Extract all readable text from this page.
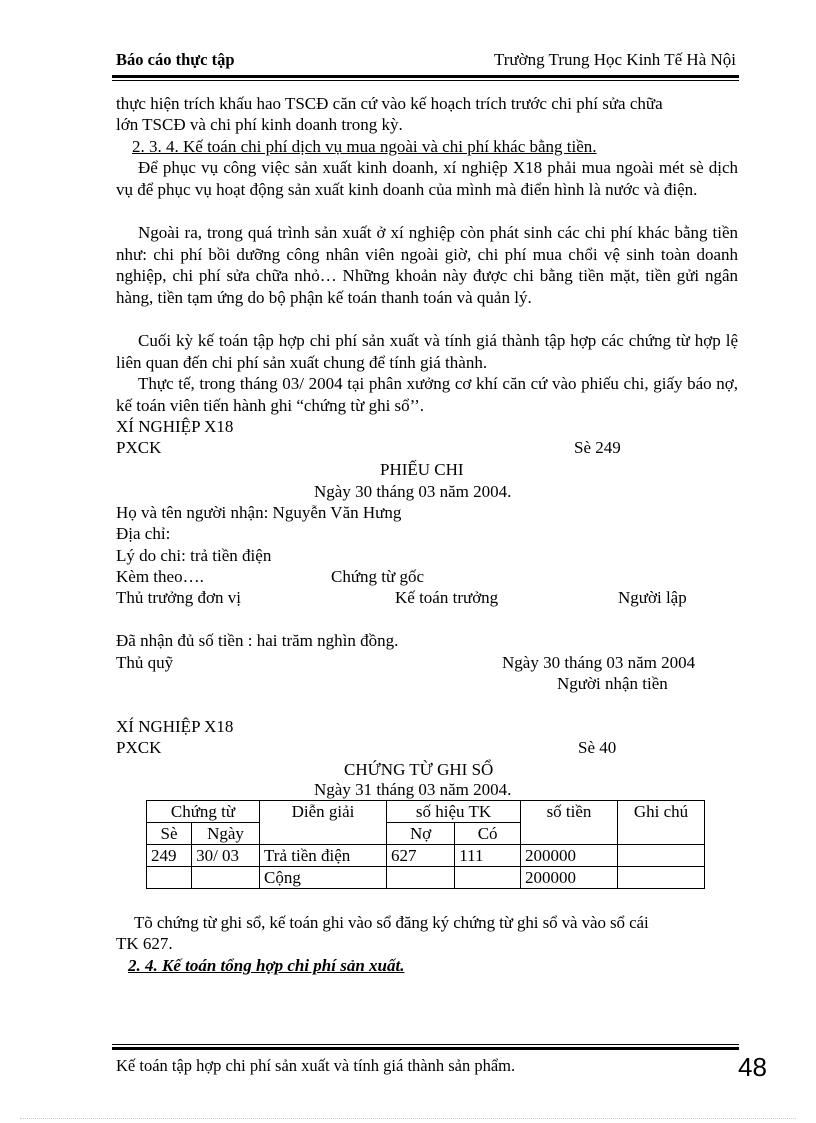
Báo cáo thực tập	Trường Trung Học Kinh Tế Hà Nội
thực hiện trích khấu hao TSCĐ căn cứ vào kế hoạch trích trước chi phí sửa chữa
lớn TSCĐ và chi phí kinh doanh trong kỳ.
2. 3. 4. Kế toán chi phí dịch vụ mua ngoài và chi phí khác bằng tiền.
Để phục vụ công việc sản xuất kinh doanh, xí nghiệp X18 phải mua ngoài mét sè dịch vụ để phục vụ hoạt động sản xuất kinh doanh của mình mà điển hình là nước và điện.
Ngoài ra, trong quá trình sản xuất ở xí nghiệp còn phát sinh các chi phí khác bằng tiền như: chi phí bồi dưỡng công nhân viên ngoài giờ, chi phí mua chổi vệ sinh toàn doanh nghiệp, chi phí sửa chữa nhỏ… Những khoản này được chi bằng tiền mặt, tiền gửi ngân hàng, tiền tạm ứng do bộ phận kế toán thanh toán và quản lý.
Cuối kỳ kế toán tập hợp chi phí sản xuất và tính giá thành tập hợp các chứng từ hợp lệ liên quan đến chi phí sản xuất chung để tính giá thành.
Thực tế, trong tháng 03/ 2004 tại phân xưởng cơ khí căn cứ vào phiếu chi, giấy báo nợ, kế toán viên tiến hành ghi “chứng từ ghi sổ’’.
XÍ NGHIỆP X18
PXCK	Sè 249
PHIẾU CHI
Ngày 30 tháng 03 năm 2004.
Họ và tên người nhận: Nguyễn Văn Hưng
Địa chỉ:
Lý do chi: trả tiền điện
Kèm theo….	Chứng từ gốc
Thủ trưởng đơn vị	Kế toán trưởng	Người lập
Đã nhận đủ số tiền : hai trăm nghìn đồng.
Thủ quỹ	Ngày 30 tháng 03 năm 2004
Người nhận tiền
XÍ NGHIỆP X18
PXCK	Sè 40
CHỨNG TỪ GHI SỔ
Ngày 31 tháng 03 năm 2004.
Chứng từ		Diễn giải	số hiệu TK		số tiền	Ghi chú
Sè	Ngày		Nợ	Có		
249	30/ 03	Trả tiền điện	627	111	200000	
		Cộng			200000	
Tõ chứng từ ghi sổ, kế toán ghi vào sổ đăng ký chứng từ ghi sổ và vào sổ cái
TK 627.
2. 4. Kế toán tổng hợp chi phí sản xuất.
Kế toán tập hợp chi phí sản xuất và tính giá thành sản phẩm.	48
